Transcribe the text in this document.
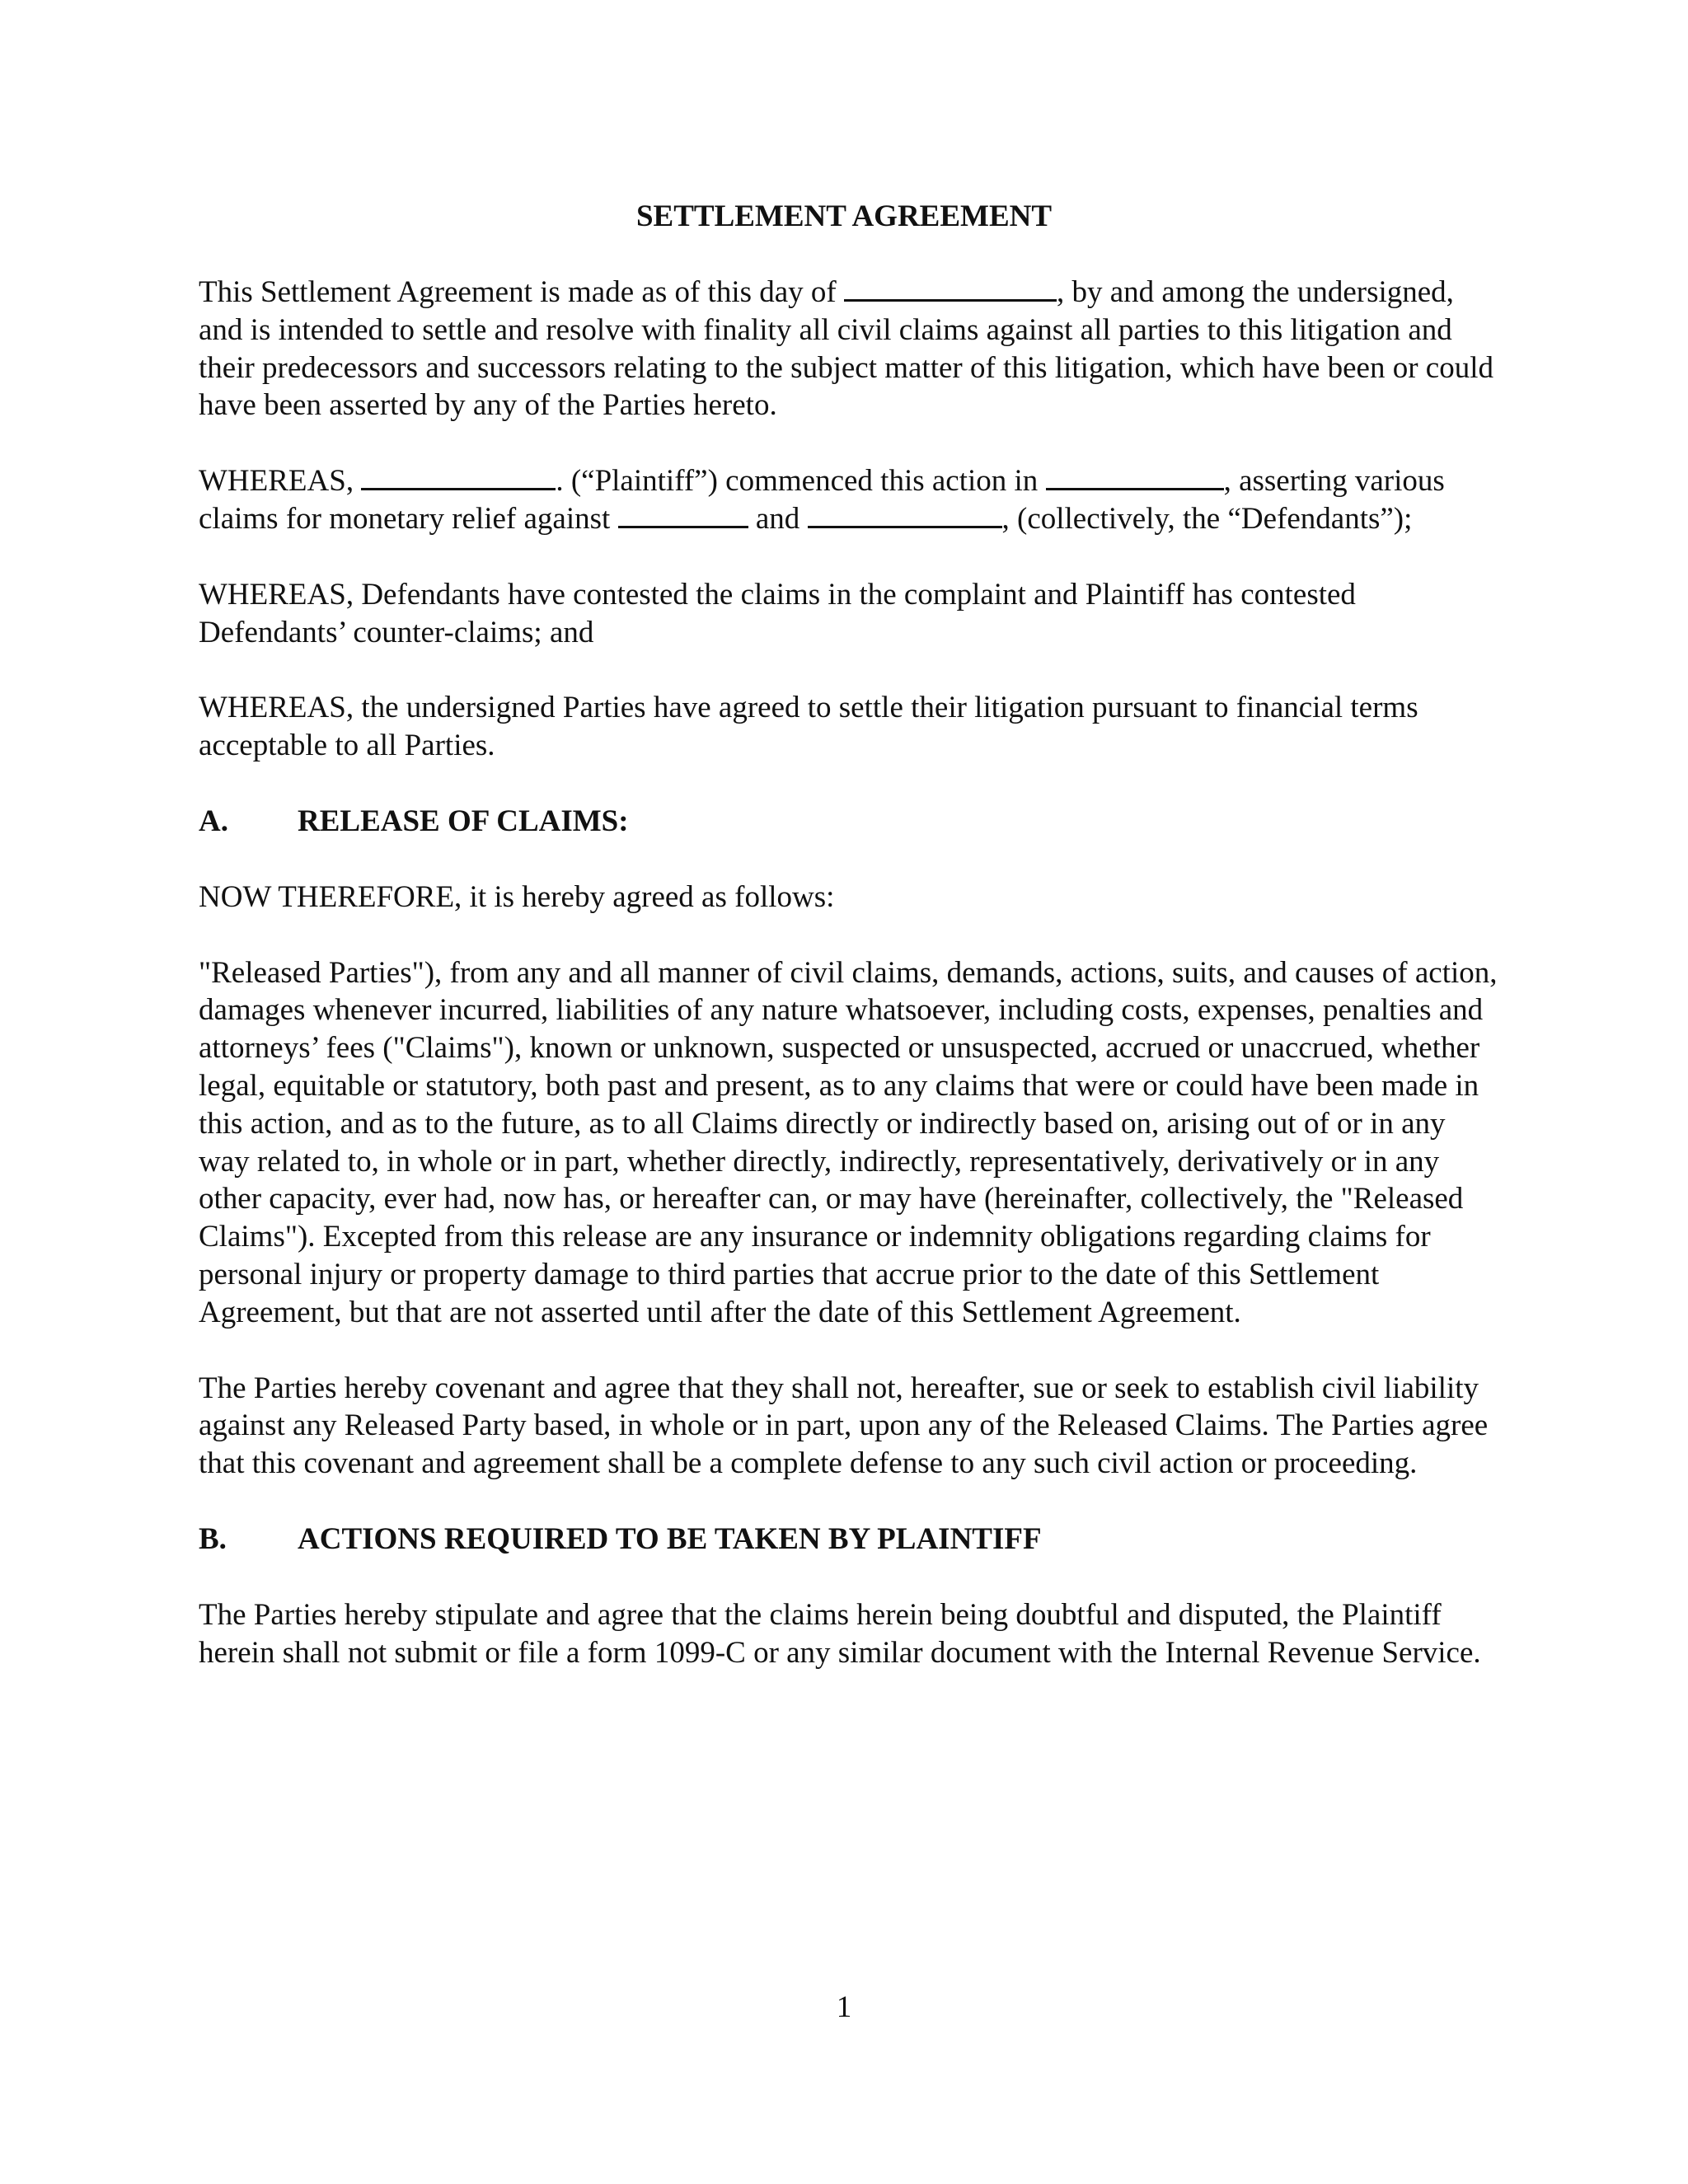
SETTLEMENT AGREEMENT

This Settlement Agreement is made as of this day of	, by and among the undersigned, and is intended to settle and resolve with finality all civil claims against all parties to this litigation and their predecessors and successors relating to the subject matter of this litigation, which have been or could have been asserted by any of the Parties hereto.

WHEREAS,	. (“Plaintiff”) commenced this action in	, asserting various claims for monetary relief against	and	, (collectively, the “Defendants”);

WHEREAS, Defendants have contested the claims in the complaint and Plaintiff has contested Defendants’ counter-claims; and

WHEREAS, the undersigned Parties have agreed to settle their litigation pursuant to financial terms acceptable to all Parties.

A. RELEASE OF CLAIMS:

NOW THEREFORE, it is hereby agreed as follows:

"Released Parties"), from any and all manner of civil claims, demands, actions, suits, and causes of action, damages whenever incurred, liabilities of any nature whatsoever, including costs, expenses, penalties and attorneys’ fees ("Claims"), known or unknown, suspected or unsuspected, accrued or unaccrued, whether legal, equitable or statutory, both past and present, as to any claims that were or could have been made in this action, and as to the future, as to all Claims directly or indirectly based on, arising out of or in any way related to, in whole or in part, whether directly, indirectly, representatively, derivatively or in any other capacity, ever had, now has, or hereafter can, or may have (hereinafter, collectively, the "Released Claims"). Excepted from this release are any insurance or indemnity obligations regarding claims for personal injury or property damage to third parties that accrue prior to the date of this Settlement Agreement, but that are not asserted until after the date of this Settlement Agreement.

The Parties hereby covenant and agree that they shall not, hereafter, sue or seek to establish civil liability against any Released Party based, in whole or in part, upon any of the Released Claims. The Parties agree that this covenant and agreement shall be a complete defense to any such civil action or proceeding.

B. ACTIONS REQUIRED TO BE TAKEN BY PLAINTIFF

The Parties hereby stipulate and agree that the claims herein being doubtful and disputed, the Plaintiff herein shall not submit or file a form 1099-C or any similar document with the Internal Revenue Service.

1
